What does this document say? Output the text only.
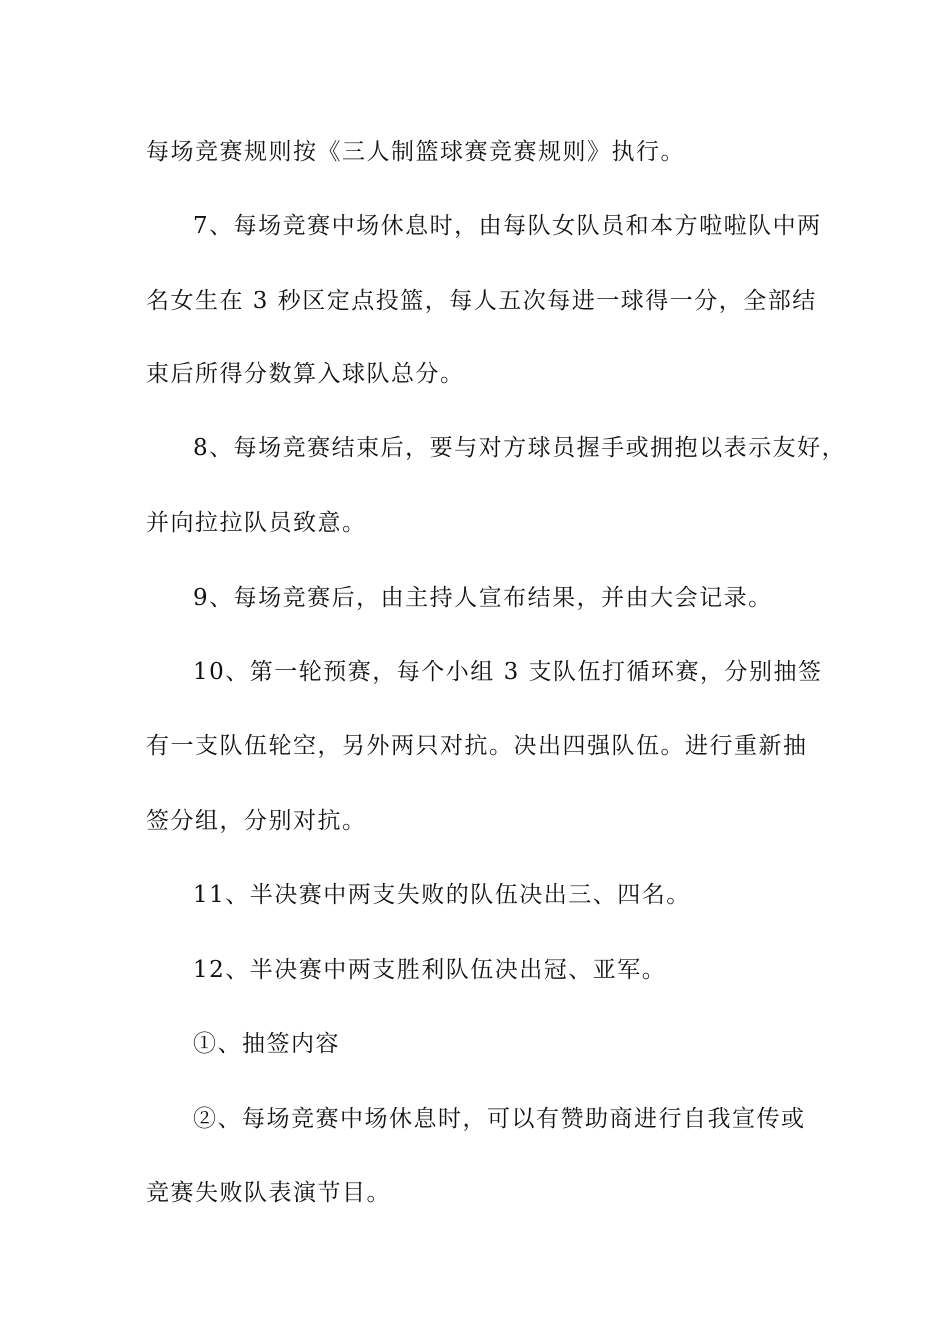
每场竞赛规则按《三人制篮球赛竞赛规则》执行。
7、每场竞赛中场休息时，由每队女队员和本方啦啦队中两
名女生在 3 秒区定点投篮，每人五次每进一球得一分，全部结
束后所得分数算入球队总分。
8、每场竞赛结束后，要与对方球员握手或拥抱以表示友好，
并向拉拉队员致意。
9、每场竞赛后，由主持人宣布结果，并由大会记录。
10、第一轮预赛，每个小组 3 支队伍打循环赛，分别抽签
有一支队伍轮空，另外两只对抗。决出四强队伍。进行重新抽
签分组，分别对抗。
11、半决赛中两支失败的队伍决出三、四名。
12、半决赛中两支胜利队伍决出冠、亚军。
①、抽签内容
②、每场竞赛中场休息时，可以有赞助商进行自我宣传或
竞赛失败队表演节目。
